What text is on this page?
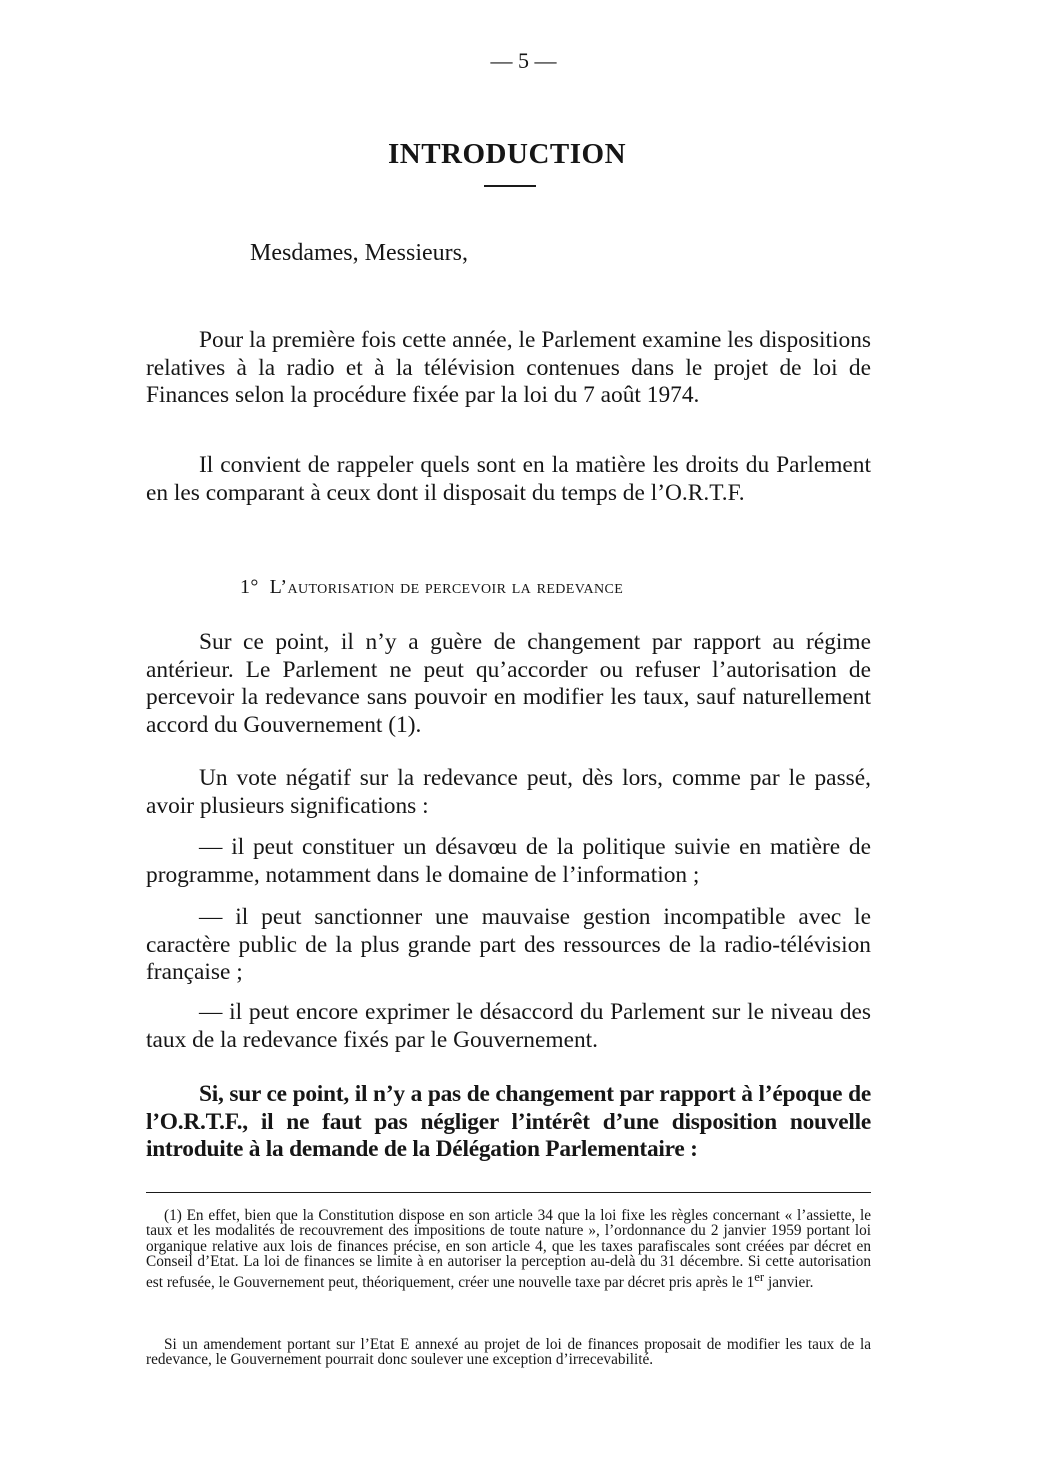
— 5 —
INTRODUCTION

Mesdames, Messieurs,

Pour la première fois cette année, le Parlement examine les dispositions relatives à la radio et à la télévision contenues dans le projet de loi de Finances selon la procédure fixée par la loi du 7 août 1974.

Il convient de rappeler quels sont en la matière les droits du Parlement en les comparant à ceux dont il disposait du temps de l’O.R.T.F.

1° L’autorisation de percevoir la redevance

Sur ce point, il n’y a guère de changement par rapport au régime antérieur. Le Parlement ne peut qu’accorder ou refuser l’autorisation de percevoir la redevance sans pouvoir en modifier les taux, sauf naturellement accord du Gouvernement (1).

Un vote négatif sur la redevance peut, dès lors, comme par le passé, avoir plusieurs significations :

— il peut constituer un désavœu de la politique suivie en matière de programme, notamment dans le domaine de l’information ;

— il peut sanctionner une mauvaise gestion incompatible avec le caractère public de la plus grande part des ressources de la radio-télévision française ;

— il peut encore exprimer le désaccord du Parlement sur le niveau des taux de la redevance fixés par le Gouvernement.

Si, sur ce point, il n’y a pas de changement par rapport à l’époque de l’O.R.T.F., il ne faut pas négliger l’intérêt d’une disposition nouvelle introduite à la demande de la Délégation Parlementaire :

(1) En effet, bien que la Constitution dispose en son article 34 que la loi fixe les règles concernant « l’assiette, le taux et les modalités de recouvrement des impositions de toute nature », l’ordonnance du 2 janvier 1959 portant loi organique relative aux lois de finances précise, en son article 4, que les taxes parafiscales sont créées par décret en Conseil d’Etat. La loi de finances se limite à en autoriser la perception au-delà du 31 décembre. Si cette autorisation est refusée, le Gouvernement peut, théoriquement, créer une nouvelle taxe par décret pris après le 1er janvier.

Si un amendement portant sur l’Etat E annexé au projet de loi de finances proposait de modifier les taux de la redevance, le Gouvernement pourrait donc soulever une exception d’irrecevabilité.
